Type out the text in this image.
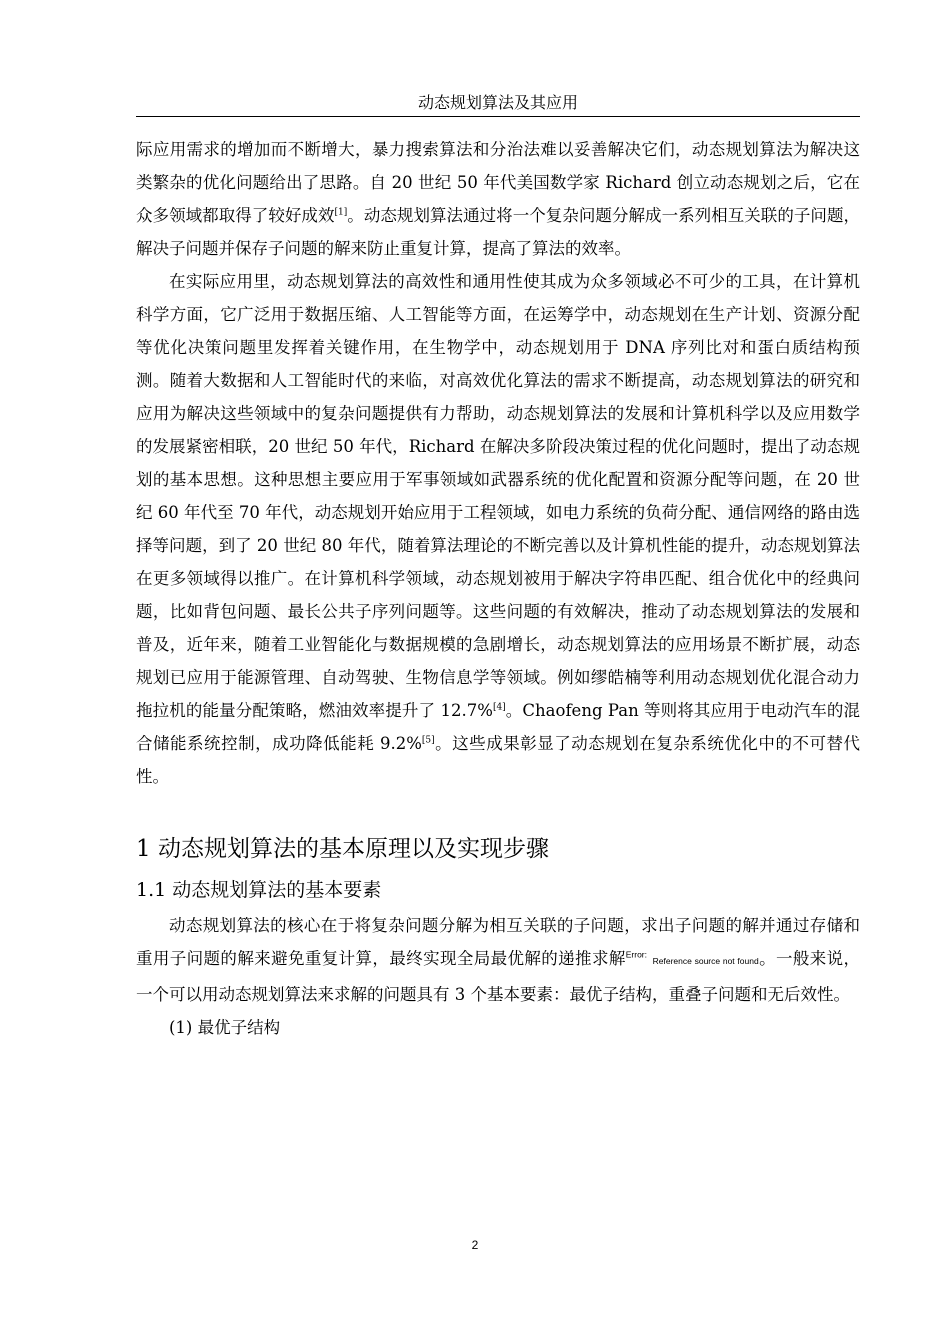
动态规划算法及其应用

际应用需求的增加而不断增大，暴力搜索算法和分治法难以妥善解决它们，动态规划算法为解决这类繁杂的优化问题给出了思路。自 20 世纪 50 年代美国数学家 Richard 创立动态规划之后，它在众多领域都取得了较好成效[1]。动态规划算法通过将一个复杂问题分解成一系列相互关联的子问题，解决子问题并保存子问题的解来防止重复计算，提高了算法的效率。

在实际应用里，动态规划算法的高效性和通用性使其成为众多领域必不可少的工具，在计算机科学方面，它广泛用于数据压缩、人工智能等方面，在运筹学中，动态规划在生产计划、资源分配等优化决策问题里发挥着关键作用，在生物学中，动态规划用于 DNA 序列比对和蛋白质结构预测。随着大数据和人工智能时代的来临，对高效优化算法的需求不断提高，动态规划算法的研究和应用为解决这些领域中的复杂问题提供有力帮助，动态规划算法的发展和计算机科学以及应用数学的发展紧密相联，20 世纪 50 年代，Richard 在解决多阶段决策过程的优化问题时，提出了动态规划的基本思想。这种思想主要应用于军事领域如武器系统的优化配置和资源分配等问题，在 20 世纪 60 年代至 70 年代，动态规划开始应用于工程领域，如电力系统的负荷分配、通信网络的路由选择等问题，到了 20 世纪 80 年代，随着算法理论的不断完善以及计算机性能的提升，动态规划算法在更多领域得以推广。在计算机科学领域，动态规划被用于解决字符串匹配、组合优化中的经典问题，比如背包问题、最长公共子序列问题等。这些问题的有效解决，推动了动态规划算法的发展和普及，近年来，随着工业智能化与数据规模的急剧增长，动态规划算法的应用场景不断扩展，动态规划已应用于能源管理、自动驾驶、生物信息学等领域。例如缪皓楠等利用动态规划优化混合动力拖拉机的能量分配策略，燃油效率提升了 12.7%[4]。Chaofeng Pan 等则将其应用于电动汽车的混合储能系统控制，成功降低能耗 9.2%[5]。这些成果彰显了动态规划在复杂系统优化中的不可替代性。

1 动态规划算法的基本原理以及实现步骤
1.1 动态规划算法的基本要素

动态规划算法的核心在于将复杂问题分解为相互关联的子问题，求出子问题的解并通过存储和重用子问题的解来避免重复计算，最终实现全局最优解的递推求解$^{Error:}$ Reference source not found。一般来说，一个可以用动态规划算法来求解的问题具有 3 个基本要素：最优子结构，重叠子问题和无后效性。

(1) 最优子结构

2
